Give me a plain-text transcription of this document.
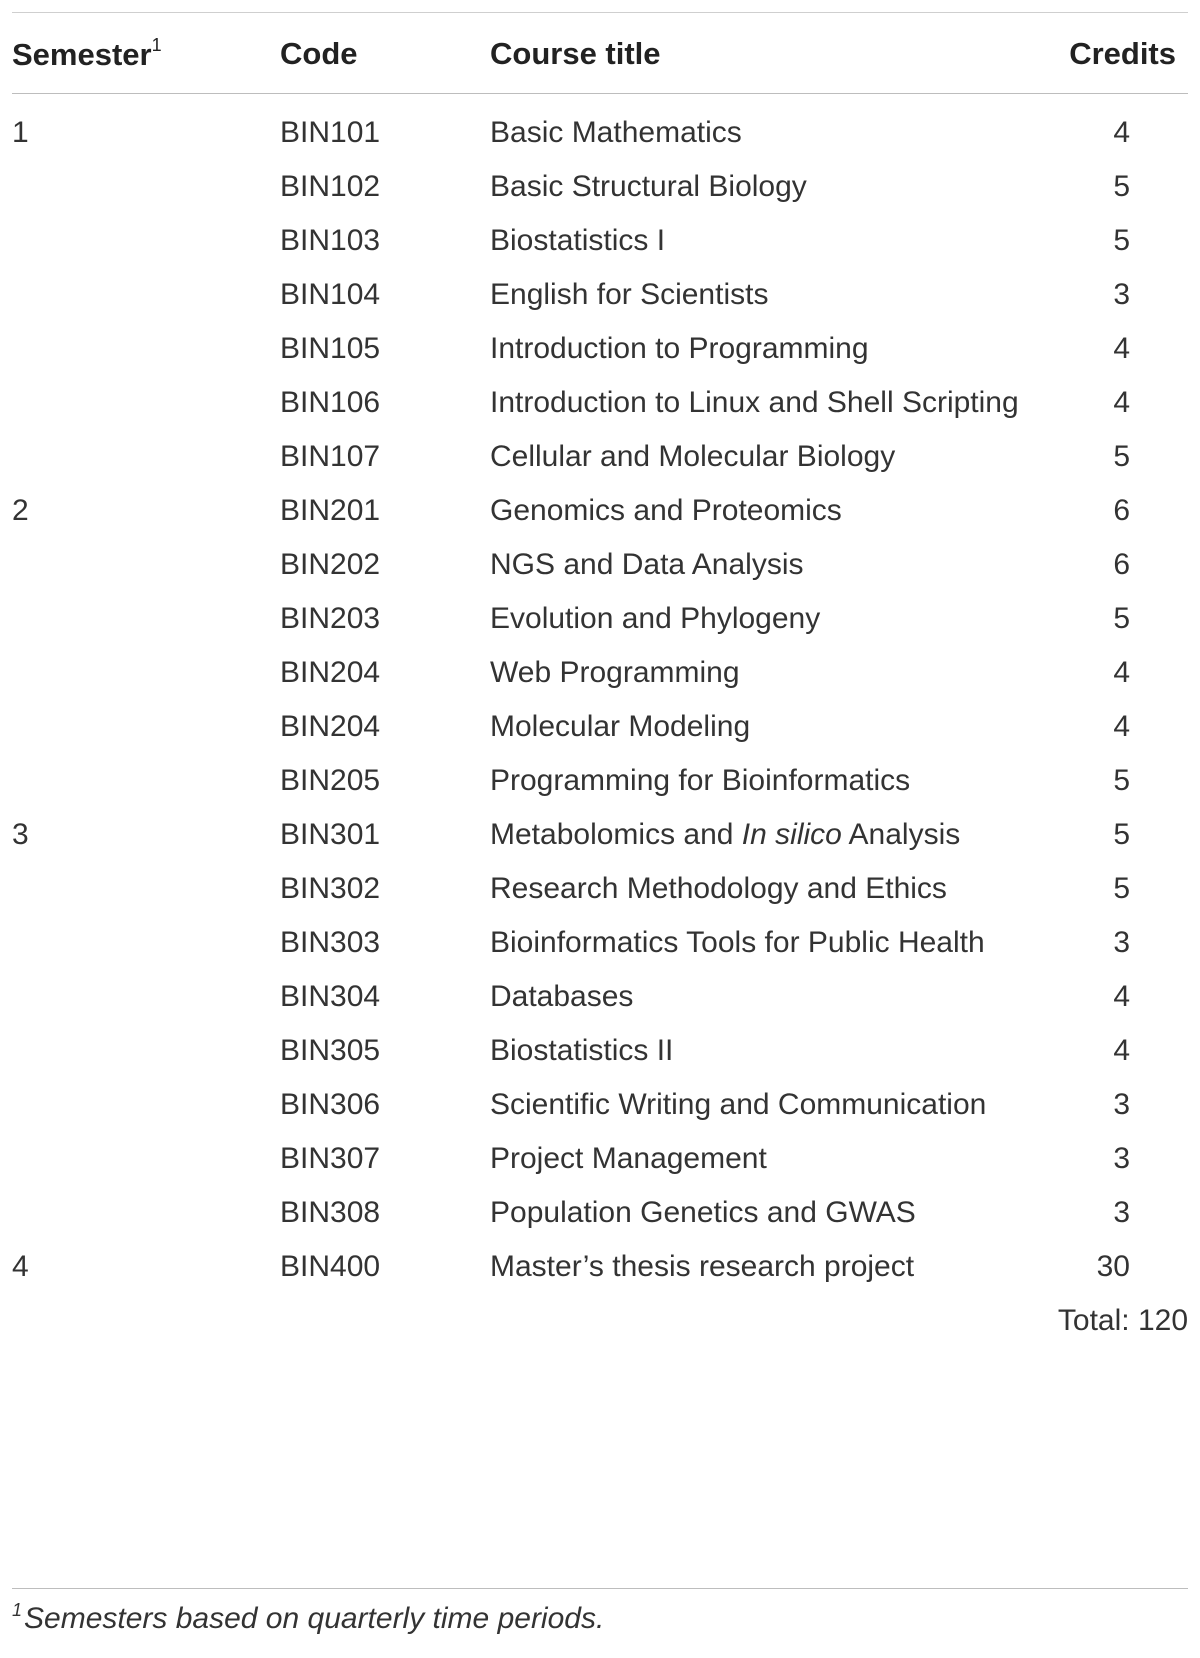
Semester$^1$	Code	Course title	Credits
1	BIN101	Basic Mathematics	4
	BIN102	Basic Structural Biology	5
	BIN103	Biostatistics I	5
	BIN104	English for Scientists	3
	BIN105	Introduction to Programming	4
	BIN106	Introduction to Linux and Shell Scripting	4
	BIN107	Cellular and Molecular Biology	5
2	BIN201	Genomics and Proteomics	6
	BIN202	NGS and Data Analysis	6
	BIN203	Evolution and Phylogeny	5
	BIN204	Web Programming	4
	BIN204	Molecular Modeling	4
	BIN205	Programming for Bioinformatics	5
3	BIN301	Metabolomics and In silico Analysis	5
	BIN302	Research Methodology and Ethics	5
	BIN303	Bioinformatics Tools for Public Health	3
	BIN304	Databases	4
	BIN305	Biostatistics II	4
	BIN306	Scientific Writing and Communication	3
	BIN307	Project Management	3
	BIN308	Population Genetics and GWAS	3
4	BIN400	Master’s thesis research project	30
			Total: 120
$^1$Semesters based on quarterly time periods.
